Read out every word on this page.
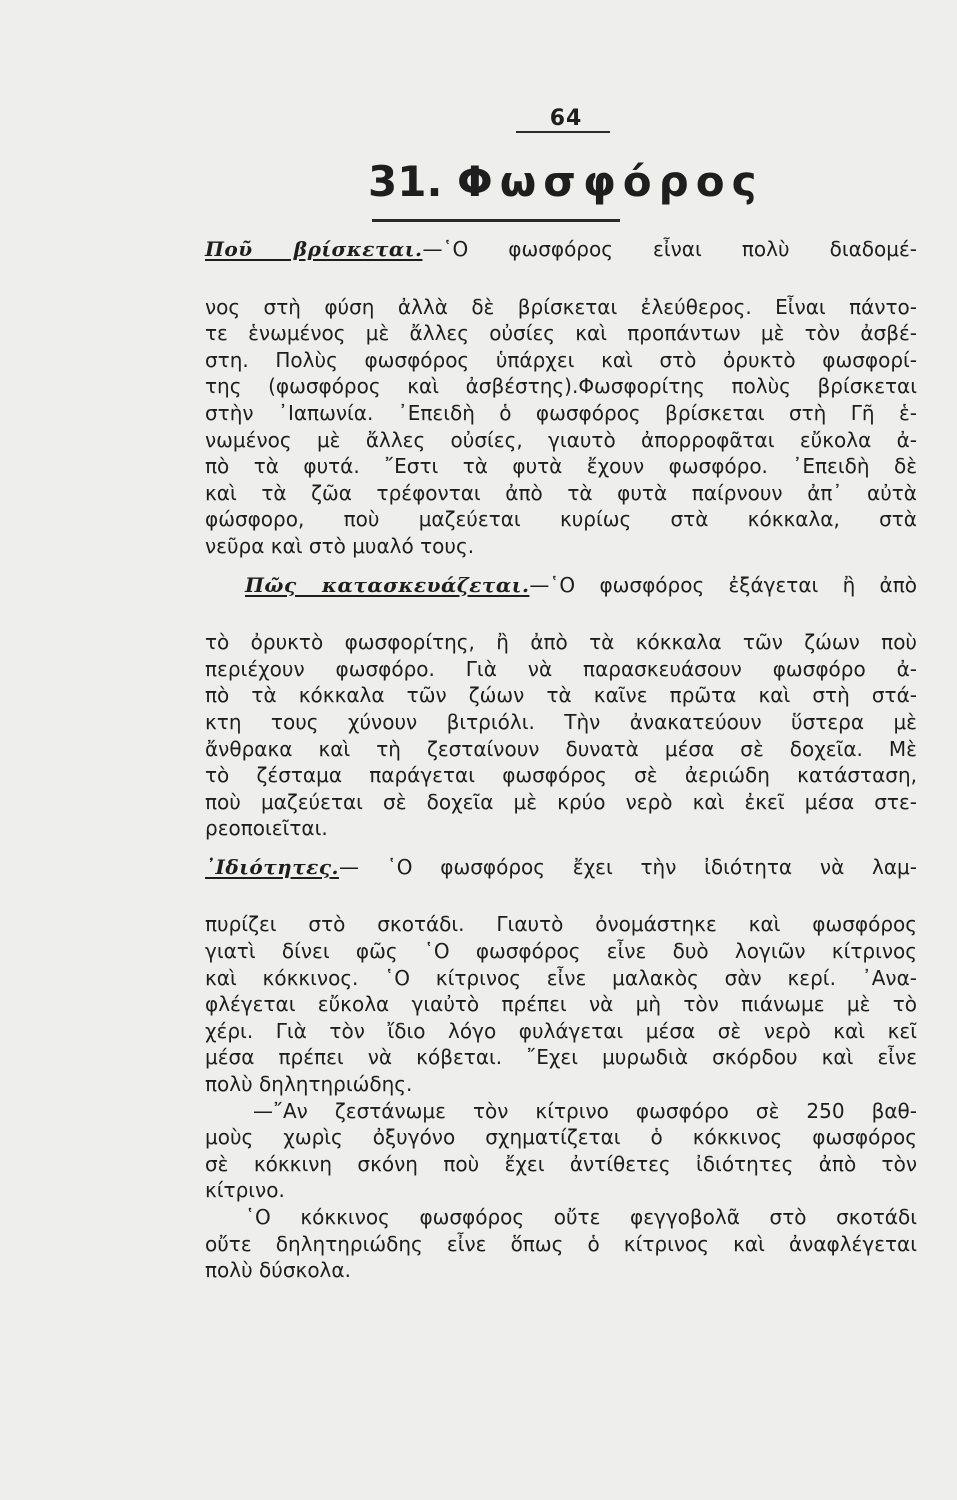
64
31. Φωσφόρος
Ποῦ βρίσκεται.—῾Ο φωσφόρος εἶναι πολὺ διαδομέ-
νος στὴ φύση ἀλλὰ δὲ βρίσκεται ἐλεύθερος. Εἶναι πάντο-
τε ἑνωμένος μὲ ἄλλες οὐσίες καὶ προπάντων μὲ τὸν ἀσβέ-
στη. Πολὺς φωσφόρος ὑπάρχει καὶ στὸ ὀρυκτὸ φωσφορί-
της (φωσφόρος καὶ ἀσβέστης).Φωσφορίτης πολὺς βρίσκεται
στὴν ᾿Ιαπωνία. ᾿Επειδὴ ὁ φωσφόρος βρίσκεται στὴ Γῆ ἑ-
νωμένος μὲ ἄλλες οὐσίες, γιαυτὸ ἀπορροφᾶται εὔκολα ἀ-
πὸ τὰ φυτά. ῎Εστι τὰ φυτὰ ἔχουν φωσφόρο. ᾿Επειδὴ δὲ
καὶ τὰ ζῶα τρέφονται ἀπὸ τὰ φυτὰ παίρνουν ἀπ᾿ αὐτὰ
φώσφορο, ποὺ μαζεύεται κυρίως στὰ κόκκαλα, στὰ
νεῦρα καὶ στὸ μυαλό τους.
Πῶς κατασκευάζεται.—῾Ο φωσφόρος ἐξάγεται ἢ ἀπὸ
τὸ ὀρυκτὸ φωσφορίτης, ἢ ἀπὸ τὰ κόκκαλα τῶν ζώων ποὺ
περιέχουν φωσφόρο. Γιὰ νὰ παρασκευάσουν φωσφόρο ἀ-
πὸ τὰ κόκκαλα τῶν ζώων τὰ καῖνε πρῶτα καὶ στὴ στά-
κτη τους χύνουν βιτριόλι. Τὴν ἀνακατεύουν ὕστερα μὲ
ἄνθρακα καὶ τὴ ζεσταίνουν δυνατὰ μέσα σὲ δοχεῖα. Μὲ
τὸ ζέσταμα παράγεται φωσφόρος σὲ ἀεριώδη κατάσταση,
ποὺ μαζεύεται σὲ δοχεῖα μὲ κρύο νερὸ καὶ ἐκεῖ μέσα στε-
ρεοποιεῖται.
᾿Ιδιότητες.— ῾Ο φωσφόρος ἔχει τὴν ἰδιότητα νὰ λαμ-
πυρίζει στὸ σκοτάδι. Γιαυτὸ ὀνομάστηκε καὶ φωσφόρος
γιατὶ δίνει φῶς ῾Ο φωσφόρος εἶνε δυὸ λογιῶν κίτρινος
καὶ κόκκινος. ῾Ο κίτρινος εἶνε μαλακὸς σὰν κερί. ᾿Ανα-
φλέγεται εὔκολα γιαὐτὸ πρέπει νὰ μὴ τὸν πιάνωμε μὲ τὸ
χέρι. Γιὰ τὸν ἴδιο λόγο φυλάγεται μέσα σὲ νερὸ καὶ κεῖ
μέσα πρέπει νὰ κόβεται. ῎Εχει μυρωδιὰ σκόρδου καὶ εἶνε
πολὺ δηλητηριώδης.
—῎Αν ζεστάνωμε τὸν κίτρινο φωσφόρο σὲ 250 βαθ-
μοὺς χωρὶς ὀξυγόνο σχηματίζεται ὁ κόκκινος φωσφόρος
σὲ κόκκινη σκόνη ποὺ ἔχει ἀντίθετες ἰδιότητες ἀπὸ τὸν
κίτρινο.
῾Ο κόκκινος φωσφόρος οὔτε φεγγοβολᾶ στὸ σκοτάδι
οὔτε δηλητηριώδης εἶνε ὅπως ὁ κίτρινος καὶ ἀναφλέγεται
πολὺ δύσκολα.
